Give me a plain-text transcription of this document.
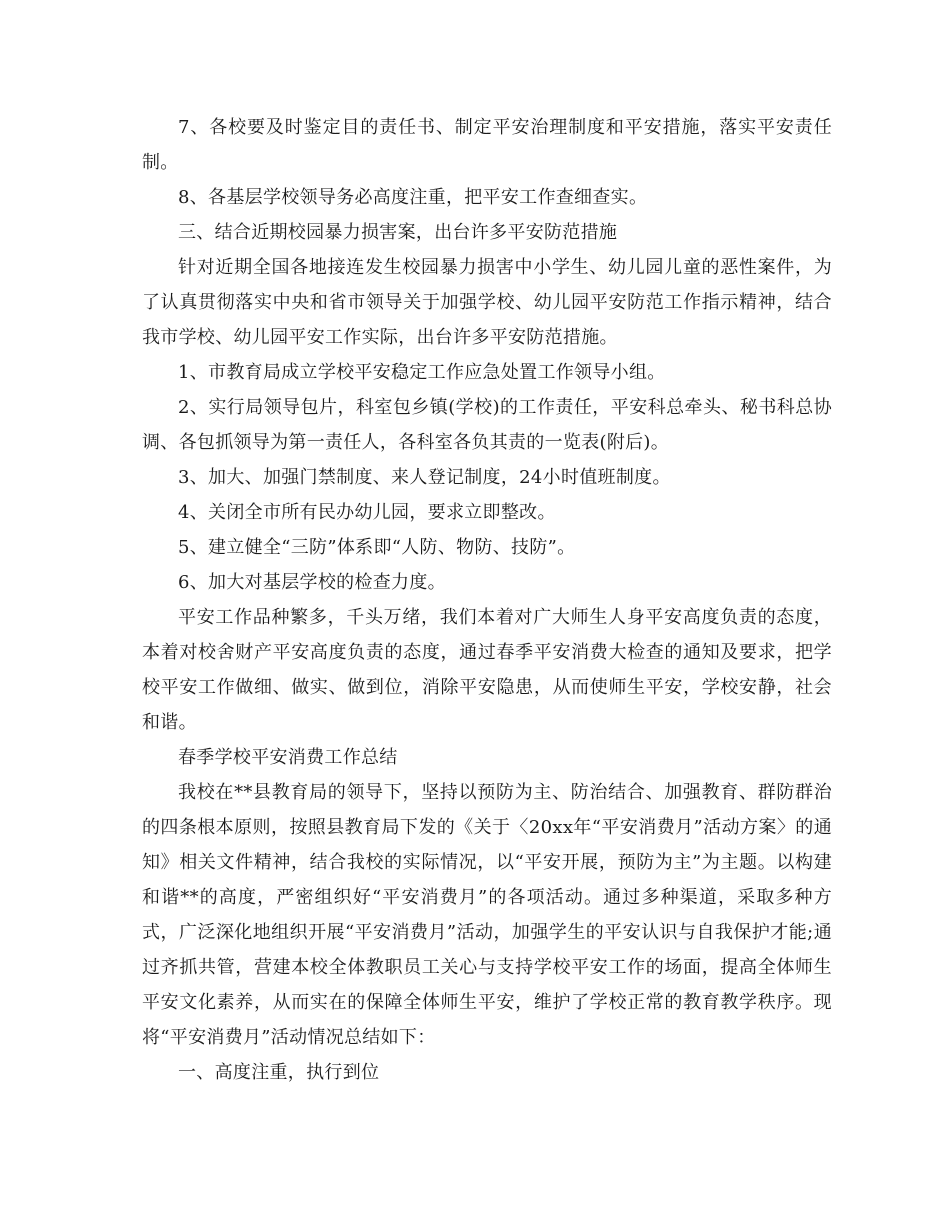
7、各校要及时鉴定目的责任书、制定平安治理制度和平安措施，落实平安责任制。

8、各基层学校领导务必高度注重，把平安工作查细查实。

三、结合近期校园暴力损害案，出台许多平安防范措施

针对近期全国各地接连发生校园暴力损害中小学生、幼儿园儿童的恶性案件，为了认真贯彻落实中央和省市领导关于加强学校、幼儿园平安防范工作指示精神，结合我市学校、幼儿园平安工作实际，出台许多平安防范措施。

1、市教育局成立学校平安稳定工作应急处置工作领导小组。

2、实行局领导包片，科室包乡镇(学校)的工作责任，平安科总牵头、秘书科总协调、各包抓领导为第一责任人，各科室各负其责的一览表(附后)。

3、加大、加强门禁制度、来人登记制度，24小时值班制度。

4、关闭全市所有民办幼儿园，要求立即整改。

5、建立健全“三防”体系即“人防、物防、技防”。

6、加大对基层学校的检查力度。

平安工作品种繁多，千头万绪，我们本着对广大师生人身平安高度负责的态度，本着对校舍财产平安高度负责的态度，通过春季平安消费大检查的通知及要求，把学校平安工作做细、做实、做到位，消除平安隐患，从而使师生平安，学校安静，社会和谐。

春季学校平安消费工作总结

我校在**县教育局的领导下，坚持以预防为主、防治结合、加强教育、群防群治的四条根本原则，按照县教育局下发的《关于〈20xx年“平安消费月”活动方案〉的通知》相关文件精神，结合我校的实际情况，以“平安开展，预防为主”为主题。以构建和谐**的高度，严密组织好“平安消费月”的各项活动。通过多种渠道，采取多种方式，广泛深化地组织开展“平安消费月”活动，加强学生的平安认识与自我保护才能;通过齐抓共管，营建本校全体教职员工关心与支持学校平安工作的场面，提高全体师生平安文化素养，从而实在的保障全体师生平安，维护了学校正常的教育教学秩序。现将“平安消费月”活动情况总结如下：

一、高度注重，执行到位
